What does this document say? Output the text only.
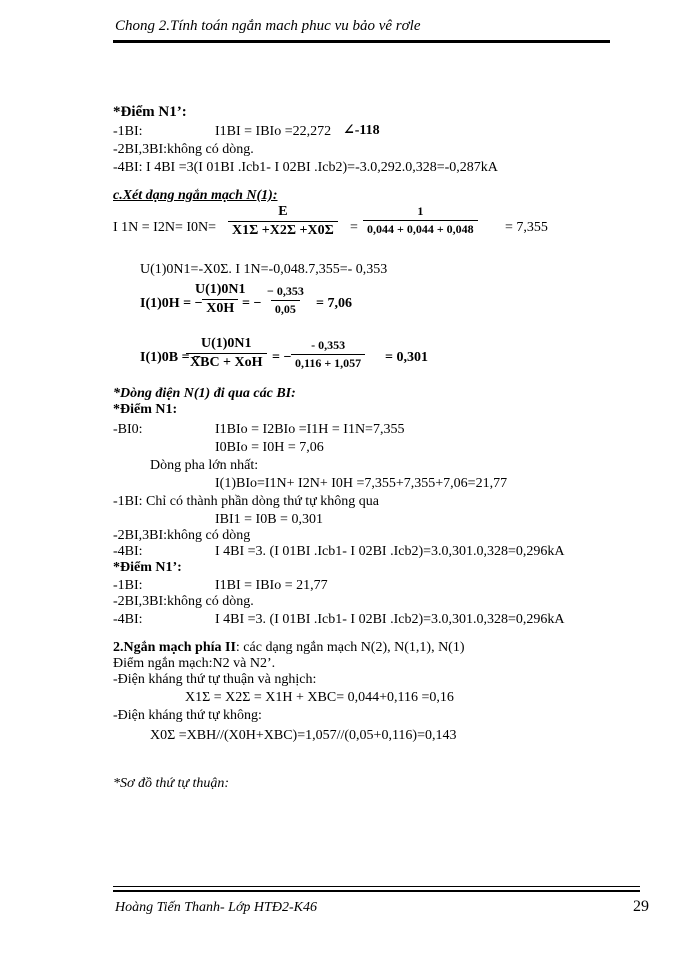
Chong 2.Tính toán ngắn mach phuc vu bảo vê rơle
*Điểm N1’:
-1BI:	I1BI = IBIo =22,272 ∠-118
-2BI,3BI:không có dòng.
-4BI: I 4BI =3(I 01BI .Icb1- I 02BI .Icb2)=-3.0,292.0,328=-0,287kA
c.Xét dạng ngắn mạch N(1):
I $1N = I2N= I0N= \frac{E}{X1\Sigma +X2\Sigma +X0\Sigma} = \frac{1}{0,044 + 0,044 + 0,048} = 7,355$
U(1)0N1=-X0Σ. I 1N=-0,048.7,355=- 0,353
I(1)0H = −
$\frac{U(1)0N1}{X0H}$
= − $\frac{- 0,353}{0,05} = 7,06$
I(1)0B = −
$\frac{U(1)0N1}{\text{XBC + XoH}}$ = − $\frac{- 0,353}{0,116 + 1,057} = 0,301$
*Dòng điện N(1) đi qua các BI:
*Điểm N1:
-BI0:	I1BIo = I2BIo =I1H = I1N=7,355
I0BIo = I0H = 7,06
Dòng pha lớn nhất:
I(1)BIo=I1N+ I2N+ I0H =7,355+7,355+7,06=21,77
-1BI: Chỉ có thành phần dòng thứ tự không qua
IBI1 = I0B = 0,301
-2BI,3BI:không có dòng
-4BI:	I 4BI =3. (I 01BI .Icb1- I 02BI .Icb2)=3.0,301.0,328=0,296kA
*Điểm N1’:
-1BI:	I1BI = IBIo = 21,77
-2BI,3BI:không có dòng.
-4BI:	I 4BI =3. (I 01BI .Icb1- I 02BI .Icb2)=3.0,301.0,328=0,296kA
2.Ngắn mạch phía II: các dạng ngắn mạch N(2), N(1,1), N(1)
Điểm ngắn mạch:N2 và N2’.
-Điện kháng thứ tự thuận và nghịch:
X1Σ = X2Σ = X1H + XBC= 0,044+0,116 =0,16
-Điện kháng thứ tự không:
X0Σ =XBH//(X0H+XBC)=1,057//(0,05+0,116)=0,143
*Sơ đồ thứ tự thuận:
Hoàng Tiến Thanh- Lớp HTĐ2-K46	29
